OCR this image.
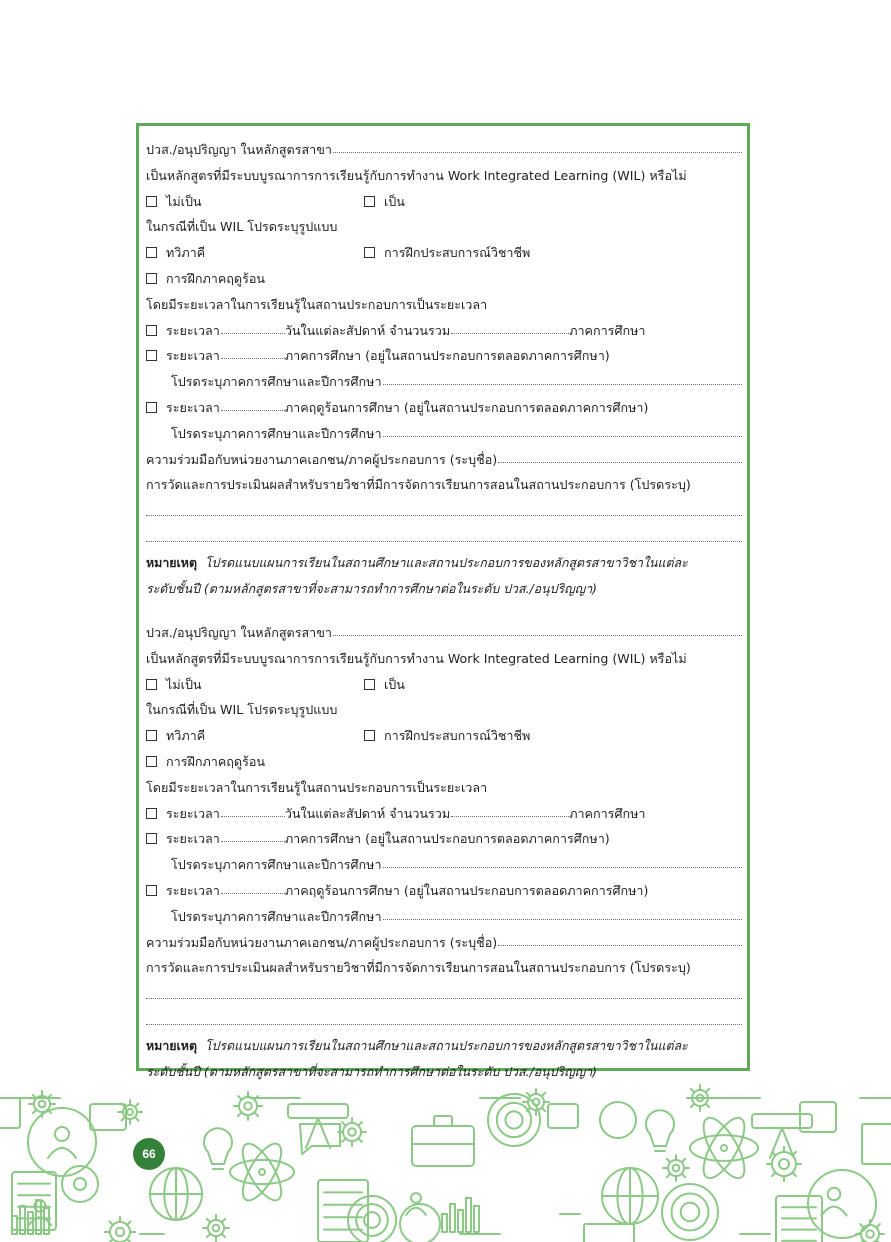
ปวส./อนุปริญญา ในหลักสูตรสาขา
เป็นหลักสูตรที่มีระบบบูรณาการการเรียนรู้กับการทำงาน Work Integrated Learning (WIL) หรือไม่
ไม่เป็น	เป็น
ในกรณีที่เป็น WIL โปรดระบุรูปแบบ
ทวิภาคี	การฝึกประสบการณ์วิชาชีพ
การฝึกภาคฤดูร้อน
โดยมีระยะเวลาในการเรียนรู้ในสถานประกอบการเป็นระยะเวลา
ระยะเวลา	วันในแต่ละสัปดาห์ จำนวนรวม	ภาคการศึกษา
ระยะเวลา	ภาคการศึกษา (อยู่ในสถานประกอบการตลอดภาคการศึกษา)
โปรดระบุภาคการศึกษาและปีการศึกษา
ระยะเวลา	ภาคฤดูร้อนการศึกษา (อยู่ในสถานประกอบการตลอดภาคการศึกษา)
โปรดระบุภาคการศึกษาและปีการศึกษา
ความร่วมมือกับหน่วยงานภาคเอกชน/ภาคผู้ประกอบการ (ระบุชื่อ)
การวัดและการประเมินผลสำหรับรายวิชาที่มีการจัดการเรียนการสอนในสถานประกอบการ (โปรดระบุ)
หมายเหตุ โปรดแนบแผนการเรียนในสถานศึกษาและสถานประกอบการของหลักสูตรสาขาวิชาในแต่ละ
ระดับชั้นปี (ตามหลักสูตรสาขาที่จะสามารถทำการศึกษาต่อในระดับ ปวส./อนุปริญญา)
ปวส./อนุปริญญา ในหลักสูตรสาขา
เป็นหลักสูตรที่มีระบบบูรณาการการเรียนรู้กับการทำงาน Work Integrated Learning (WIL) หรือไม่
ไม่เป็น	เป็น
ในกรณีที่เป็น WIL โปรดระบุรูปแบบ
ทวิภาคี	การฝึกประสบการณ์วิชาชีพ
การฝึกภาคฤดูร้อน
โดยมีระยะเวลาในการเรียนรู้ในสถานประกอบการเป็นระยะเวลา
ระยะเวลา	วันในแต่ละสัปดาห์ จำนวนรวม	ภาคการศึกษา
ระยะเวลา	ภาคการศึกษา (อยู่ในสถานประกอบการตลอดภาคการศึกษา)
โปรดระบุภาคการศึกษาและปีการศึกษา
ระยะเวลา	ภาคฤดูร้อนการศึกษา (อยู่ในสถานประกอบการตลอดภาคการศึกษา)
โปรดระบุภาคการศึกษาและปีการศึกษา
ความร่วมมือกับหน่วยงานภาคเอกชน/ภาคผู้ประกอบการ (ระบุชื่อ)
การวัดและการประเมินผลสำหรับรายวิชาที่มีการจัดการเรียนการสอนในสถานประกอบการ (โปรดระบุ)
หมายเหตุ โปรดแนบแผนการเรียนในสถานศึกษาและสถานประกอบการของหลักสูตรสาขาวิชาในแต่ละ
ระดับชั้นปี (ตามหลักสูตรสาขาที่จะสามารถทำการศึกษาต่อในระดับ ปวส./อนุปริญญา)
66
